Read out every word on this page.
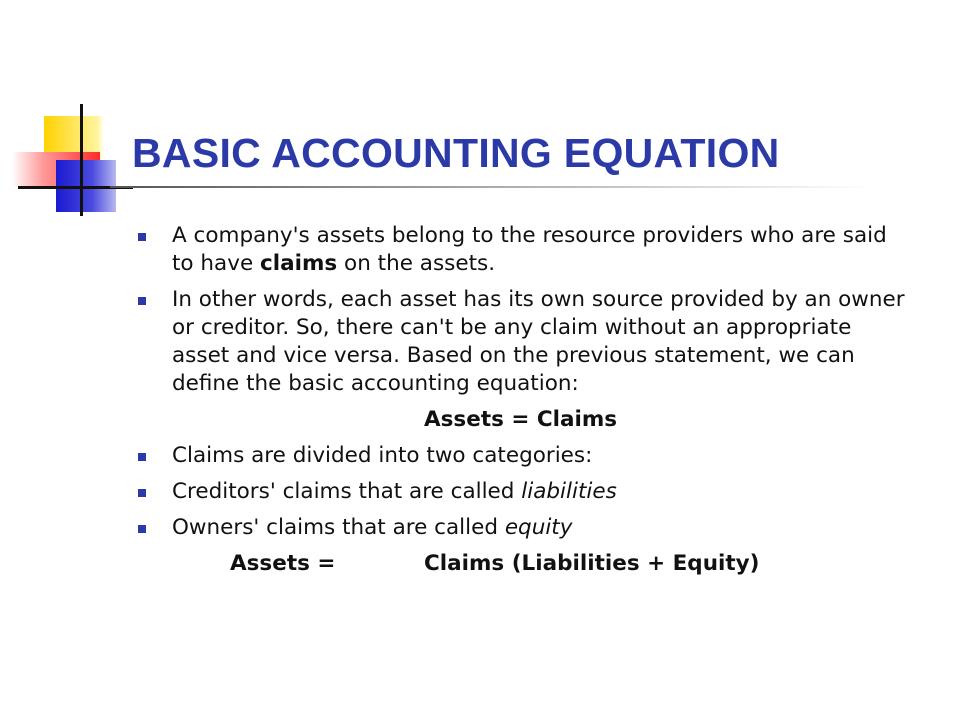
BASIC ACCOUNTING EQUATION
A company's assets belong to the resource providers who are said to have claims on the assets.
In other words, each asset has its own source provided by an owner or creditor. So, there can't be any claim without an appropriate asset and vice versa. Based on the previous statement, we can define the basic accounting equation:
Assets = Claims
Claims are divided into two categories:
Creditors' claims that are called liabilities
Owners' claims that are called equity
Assets =	Claims (Liabilities + Equity)
